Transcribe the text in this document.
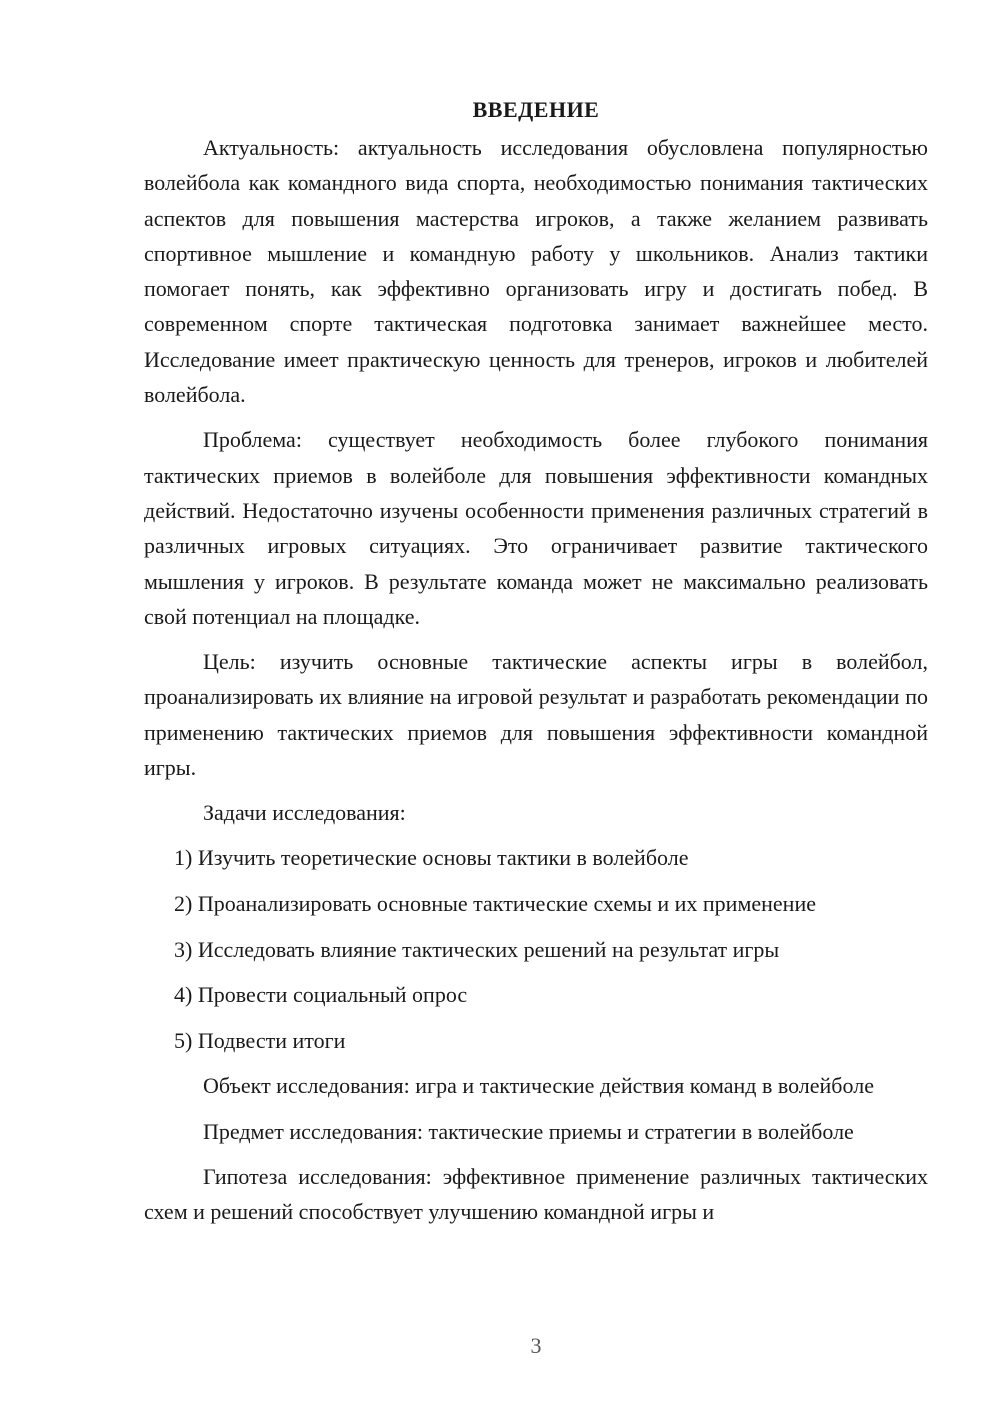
ВВЕДЕНИЕ

Актуальность: актуальность исследования обусловлена популярностью волейбола как командного вида спорта, необходимостью понимания тактических аспектов для повышения мастерства игроков, а также желанием развивать спортивное мышление и командную работу у школьников. Анализ тактики помогает понять, как эффективно организовать игру и достигать побед. В современном спорте тактическая подготовка занимает важнейшее место. Исследование имеет практическую ценность для тренеров, игроков и любителей волейбола.

Проблема: существует необходимость более глубокого понимания тактических приемов в волейболе для повышения эффективности командных действий. Недостаточно изучены особенности применения различных стратегий в различных игровых ситуациях. Это ограничивает развитие тактического мышления у игроков. В результате команда может не максимально реализовать свой потенциал на площадке.

Цель: изучить основные тактические аспекты игры в волейбол, проанализировать их влияние на игровой результат и разработать рекомендации по применению тактических приемов для повышения эффективности командной игры.

Задачи исследования:

1) Изучить теоретические основы тактики в волейболе
2) Проанализировать основные тактические схемы и их применение
3) Исследовать влияние тактических решений на результат игры
4) Провести социальный опрос
5) Подвести итоги

Объект исследования: игра и тактические действия команд в волейболе

Предмет исследования: тактические приемы и стратегии в волейболе

Гипотеза исследования: эффективное применение различных тактических схем и решений способствует улучшению командной игры и

3
